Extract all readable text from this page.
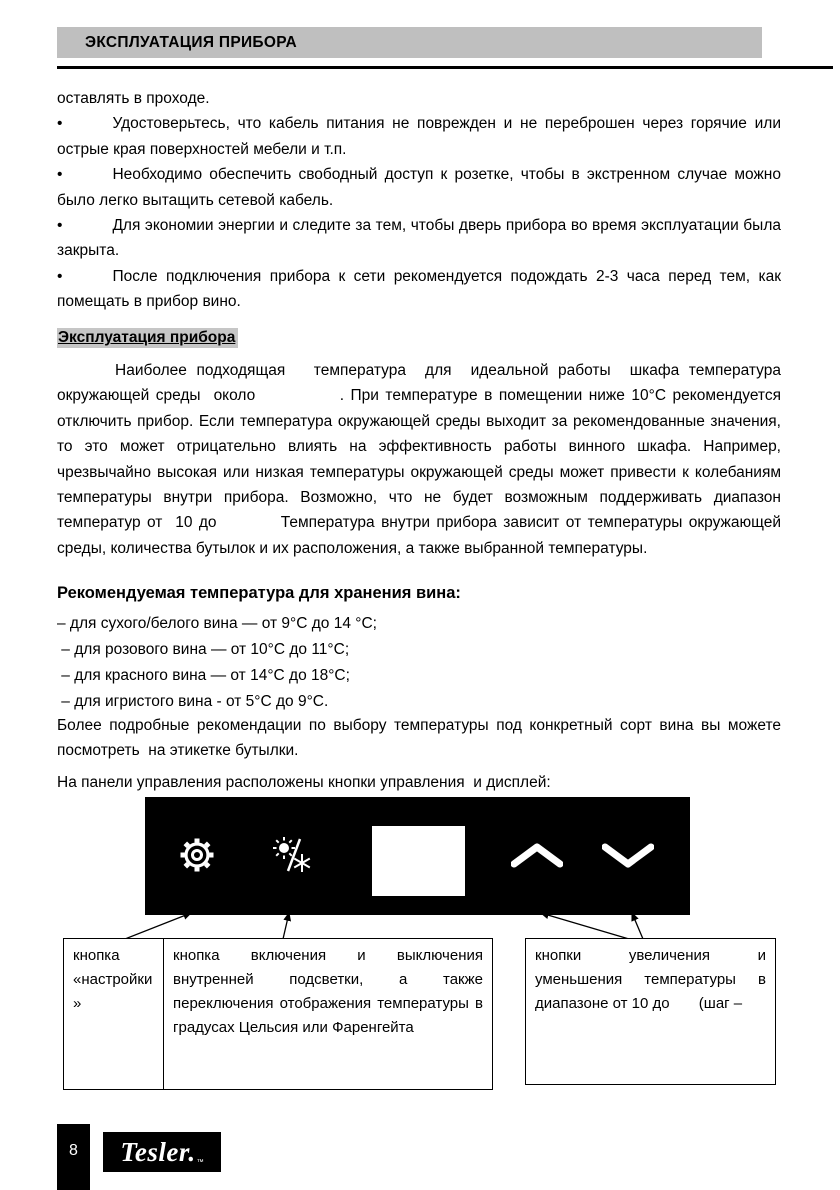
ЭКСПЛУАТАЦИЯ ПРИБОРА

оставлять в проходе.

•	Удостоверьтесь, что кабель питания не поврежден и не переброшен через горячие или острые края поверхностей мебели и т.п.

•	Необходимо обеспечить свободный доступ к розетке, чтобы в экстренном случае можно было легко вытащить сетевой кабель.

•	Для экономии энергии и следите за тем, чтобы дверь прибора во время эксплуатации была закрыта.

•	После подключения прибора к сети рекомендуется подождать 2-3 часа перед тем, как помещать в прибор вино.

Эксплуатация прибора

Наиболее подходящая   температура  для  идеальной работы  шкафа температура окружающей среды  около             . При температуре в помещении ниже 10°С рекомендуется отключить прибор. Если температура окружающей среды выходит за рекомендованные значения, то это может отрицательно влиять на эффективность работы винного шкафа. Например, чрезвычайно высокая или низкая температуры окружающей среды может привести к колебаниям температуры внутри прибора. Возможно, что не будет возможным поддерживать диапазон температур от  10 до          Температура внутри прибора зависит от температуры окружающей среды, количества бутылок и их расположения, а также выбранной температуры.

Рекомендуемая температура для хранения вина:

– для сухого/белого вина — от 9°С до 14 °С;

– для розового вина — от 10°С до 11°С;

– для красного вина — от 14°С до 18°С;

– для игристого вина - от 5°С до 9°С.

Более подробные рекомендации по выбору температуры под конкретный сорт вина вы можете посмотреть  на этикетке бутылки.

На панели управления расположены кнопки управления  и дисплей:

кнопка «настройки»
кнопка включения и выключения внутренней подсветки, а также переключения отображения температуры в градусах Цельсия или Фаренгейта
кнопки увеличения и уменьшения температуры в диапазоне от 10 до       (шаг –
8 Tesler. ™
